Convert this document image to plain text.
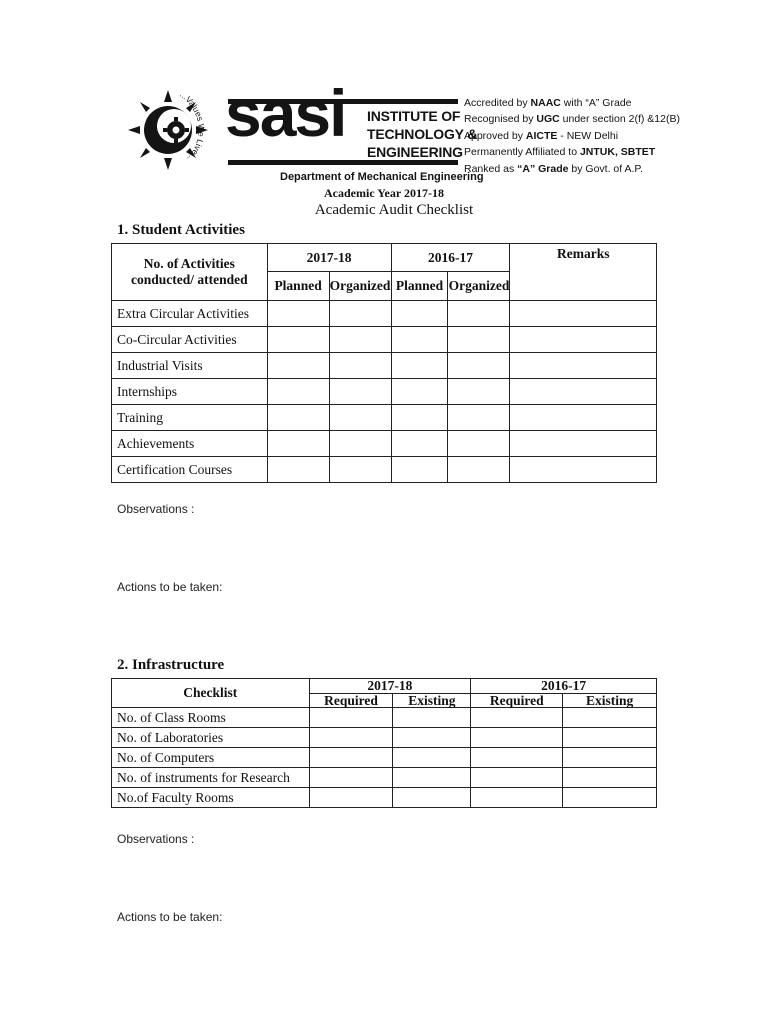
...Values We Live...
sasi INSTITUTE OF
TECHNOLOGY &
ENGINEERING
Accredited by NAAC with “A” Grade
Recognised by UGC under section 2(f) &12(B)
Approved by AICTE - NEW Delhi
Permanently Affiliated to JNTUK, SBTET
Ranked as “A” Grade by Govt. of A.P.
Department of Mechanical Engineering
Academic Year 2017-18
Academic Audit Checklist
1. Student Activities
No. of Activities
conducted/ attended	2017-18		2016-17		Remarks
	Planned	Organized	Planned	Organized	
Extra Circular Activities					
Co-Circular Activities					
Industrial Visits					
Internships					
Training					
Achievements					
Certification Courses					
Observations :
Actions to be taken:
2. Infrastructure
Checklist	2017-18		2016-17	
	Required	Existing	Required	Existing
No. of Class Rooms				
No. of Laboratories				
No. of Computers				
No. of instruments for Research				
No.of Faculty Rooms				
Observations :
Actions to be taken:
